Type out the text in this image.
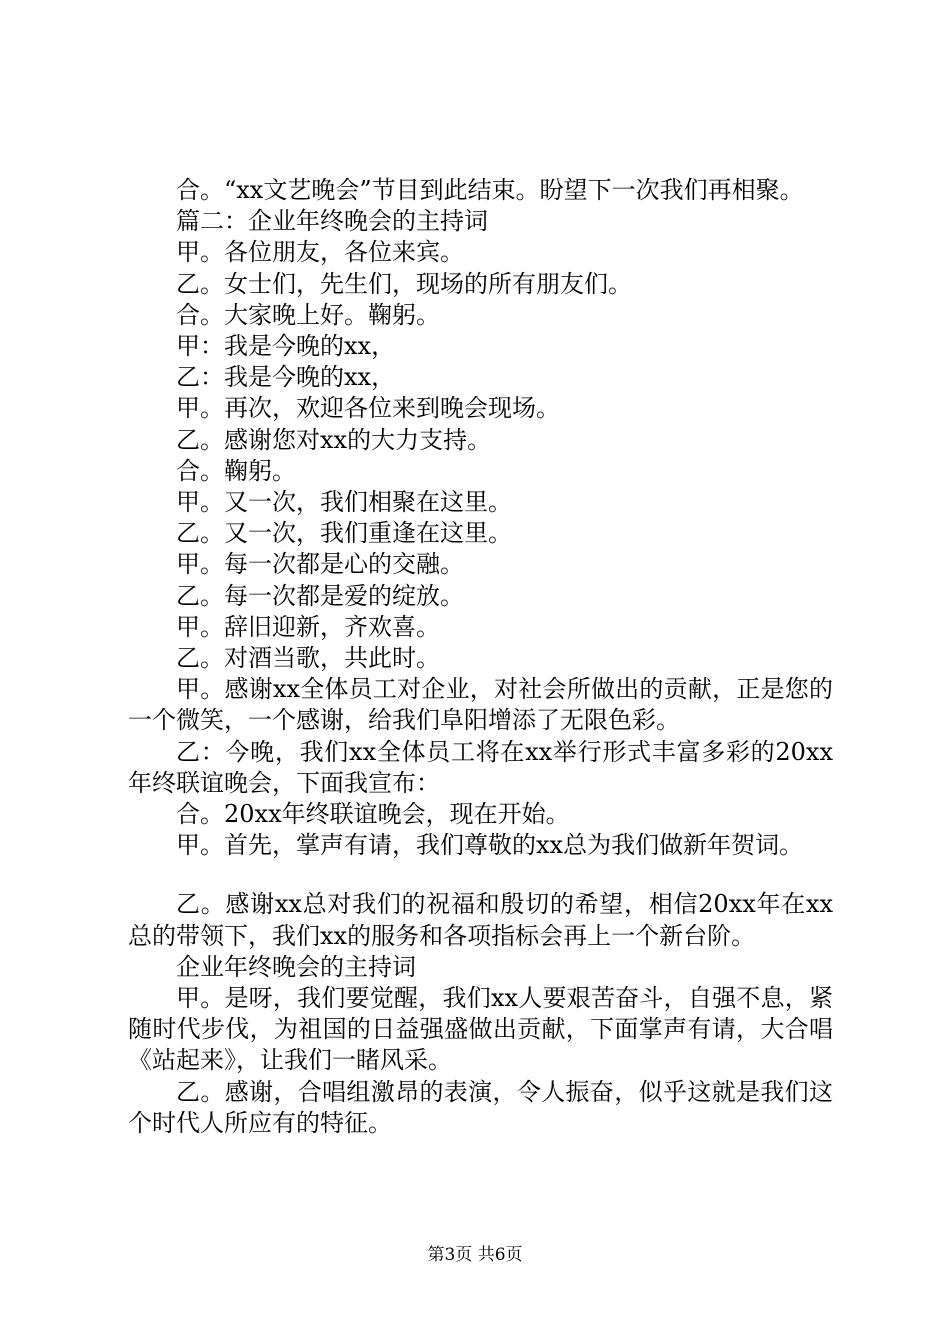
合。“xx文艺晚会”节目到此结束。盼望下一次我们再相聚。

篇二：企业年终晚会的主持词

甲。各位朋友，各位来宾。

乙。女士们，先生们，现场的所有朋友们。

合。大家晚上好。鞠躬。

甲：我是今晚的xx，

乙：我是今晚的xx，

甲。再次，欢迎各位来到晚会现场。

乙。感谢您对xx的大力支持。

合。鞠躬。

甲。又一次，我们相聚在这里。

乙。又一次，我们重逢在这里。

甲。每一次都是心的交融。

乙。每一次都是爱的绽放。

甲。辞旧迎新，齐欢喜。

乙。对酒当歌，共此时。

甲。感谢xx全体员工对企业，对社会所做出的贡献，正是您的一个微笑，一个感谢，给我们阜阳增添了无限色彩。

乙：今晚，我们xx全体员工将在xx举行形式丰富多彩的20xx年终联谊晚会，下面我宣布：

合。20xx年终联谊晚会，现在开始。

甲。首先，掌声有请，我们尊敬的xx总为我们做新年贺词。

乙。感谢xx总对我们的祝福和殷切的希望，相信20xx年在xx总的带领下，我们xx的服务和各项指标会再上一个新台阶。

企业年终晚会的主持词

甲。是呀，我们要觉醒，我们xx人要艰苦奋斗，自强不息，紧随时代步伐，为祖国的日益强盛做出贡献，下面掌声有请，大合唱《站起来》，让我们一睹风采。

乙。感谢，合唱组激昂的表演，令人振奋，似乎这就是我们这个时代人所应有的特征。

第3页 共6页
